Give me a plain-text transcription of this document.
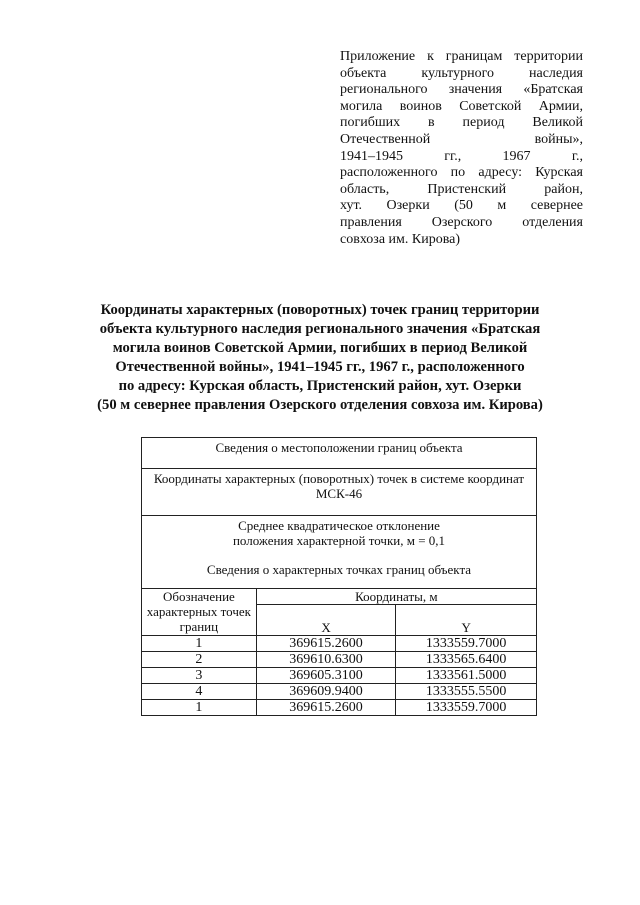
Приложение к границам территории
объекта культурного наследия
регионального значения «Братская
могила воинов Советской Армии,
погибших в период Великой
Отечественной войны»,
1941–1945 гг., 1967 г.,
расположенного по адресу: Курская
область, Пристенский район,
хут. Озерки (50 м севернее
правления Озерского отделения
совхоза им. Кирова)
Координаты характерных (поворотных) точек границ территории
объекта культурного наследия регионального значения «Братская
могила воинов Советской Армии, погибших в период Великой
Отечественной войны», 1941–1945 гг., 1967 г., расположенного
по адресу: Курская область, Пристенский район, хут. Озерки
(50 м севернее правления Озерского отделения совхоза им. Кирова)
Сведения о местоположении границ объекта		

Координаты характерных (поворотных) точек в системе координат
МСК-46		

Среднее квадратическое отклонение
положения характерной точки, м = 0,1
Сведения о характерных точках границ объекта		

Обозначение характерных точек границ	Координаты, м	
	X	Y
1	369615.2600	1333559.7000
2	369610.6300	1333565.6400
3	369605.3100	1333561.5000
4	369609.9400	1333555.5500
1	369615.2600	1333559.7000
